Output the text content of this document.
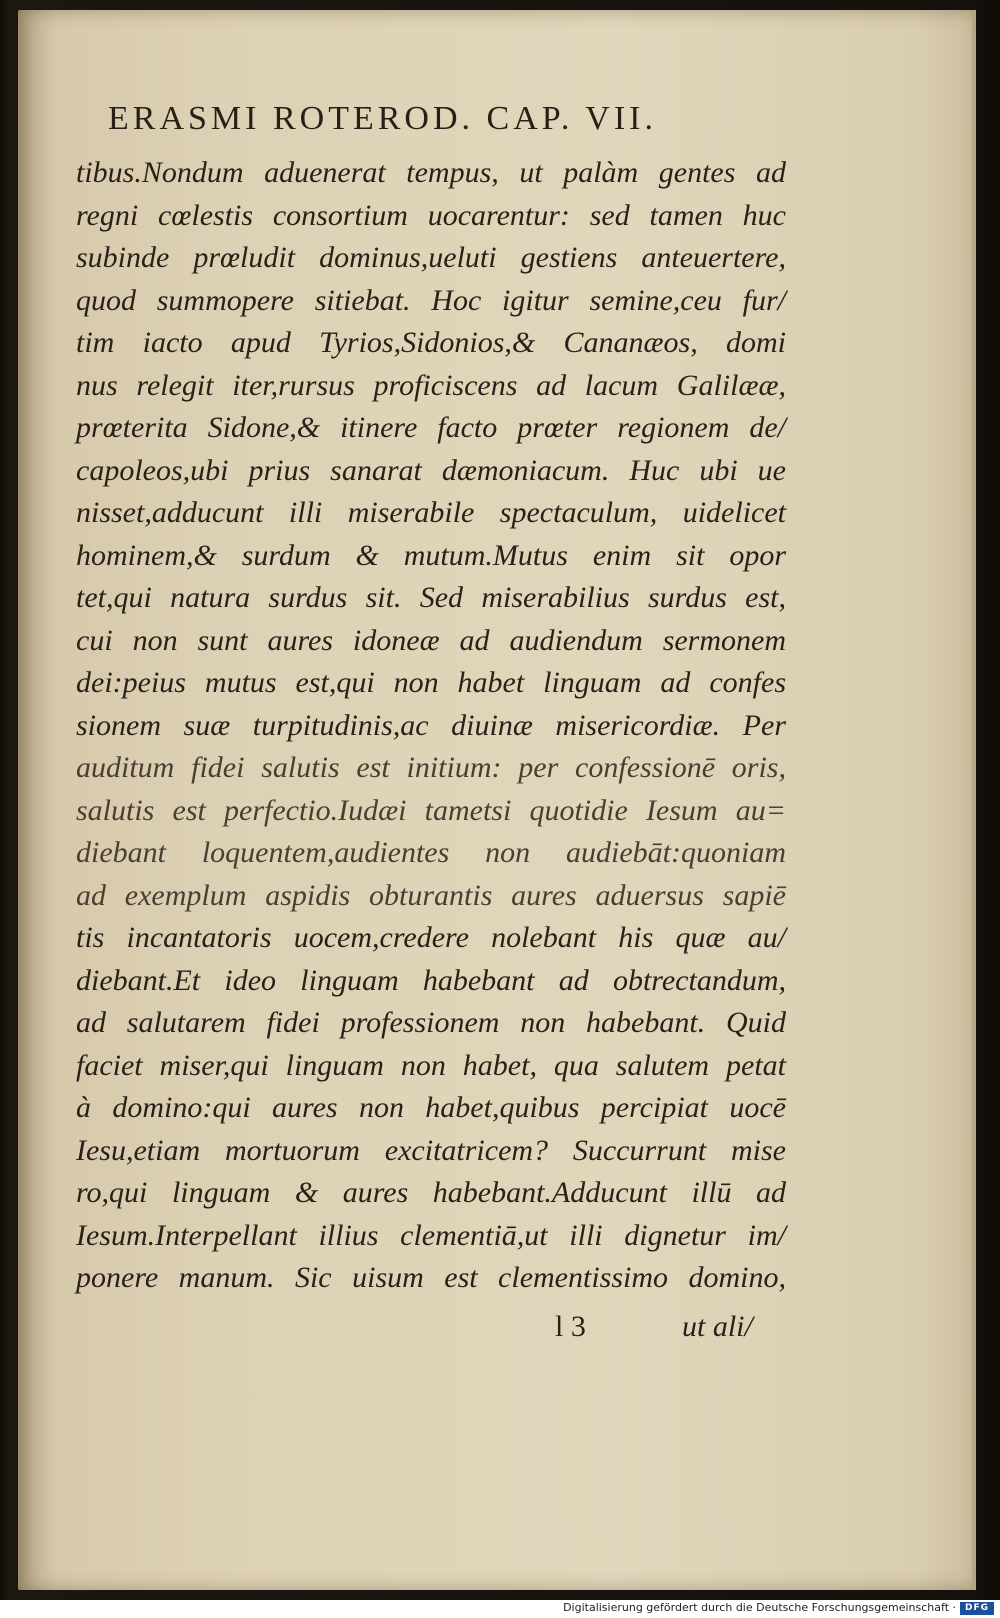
ERASMI ROTEROD. CAP. VII.
tibus.Nondum aduenerat tempus, ut palàm gentes ad
regni cœlestis consortium uocarentur: sed tamen huc
subinde prœludit dominus,ueluti gestiens anteuertere,
quod summopere sitiebat. Hoc igitur semine,ceu fur/
tim iacto apud Tyrios,Sidonios,& Cananæos, domi
nus relegit iter,rursus proficiscens ad lacum Galilææ,
prœterita Sidone,& itinere facto prœter regionem de/
capoleos,ubi prius sanarat dæmoniacum. Huc ubi ue
nisset,adducunt illi miserabile spectaculum, uidelicet
hominem,& surdum & mutum.Mutus enim sit opor
tet,qui natura surdus sit. Sed miserabilius surdus est,
cui non sunt aures idoneæ ad audiendum sermonem
dei:peius mutus est,qui non habet linguam ad confes
sionem suæ turpitudinis,ac diuinæ misericordiæ. Per
auditum fidei salutis est initium: per confessionē oris,
salutis est perfectio.Iudæi tametsi quotidie Iesum au=
diebant loquentem,audientes non audiebāt:quoniam
ad exemplum aspidis obturantis aures aduersus sapiē
tis incantatoris uocem,credere nolebant his quæ au/
diebant.Et ideo linguam habebant ad obtrectandum,
ad salutarem fidei professionem non habebant. Quid
faciet miser,qui linguam non habet, qua salutem petat
à domino:qui aures non habet,quibus percipiat uocē
Iesu,etiam mortuorum excitatricem? Succurrunt mise
ro,qui linguam & aures habebant.Adducunt illū ad
Iesum.Interpellant illius clementiā,ut illi dignetur im/
ponere manum. Sic uisum est clementissimo domino,
l 3	ut ali/
Digitalisierung gefördert durch die Deutsche Forschungsgemeinschaft · DFG
